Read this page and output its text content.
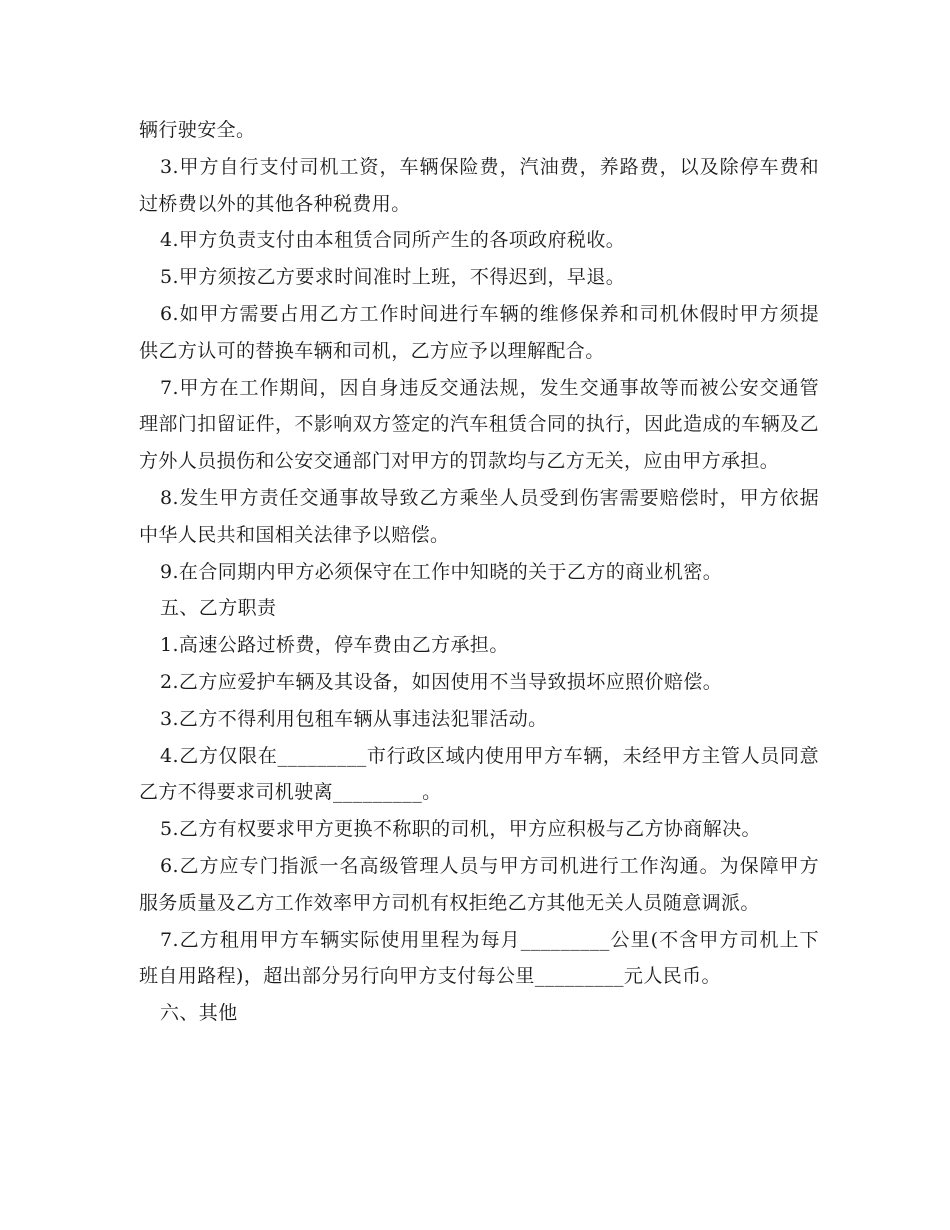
辆行驶安全。

3.甲方自行支付司机工资，车辆保险费，汽油费，养路费，以及除停车费和过桥费以外的其他各种税费用。

4.甲方负责支付由本租赁合同所产生的各项政府税收。

5.甲方须按乙方要求时间准时上班，不得迟到，早退。

6.如甲方需要占用乙方工作时间进行车辆的维修保养和司机休假时甲方须提供乙方认可的替换车辆和司机，乙方应予以理解配合。

7.甲方在工作期间，因自身违反交通法规，发生交通事故等而被公安交通管理部门扣留证件，不影响双方签定的汽车租赁合同的执行，因此造成的车辆及乙方外人员损伤和公安交通部门对甲方的罚款均与乙方无关，应由甲方承担。

8.发生甲方责任交通事故导致乙方乘坐人员受到伤害需要赔偿时，甲方依据中华人民共和国相关法律予以赔偿。

9.在合同期内甲方必须保守在工作中知晓的关于乙方的商业机密。

五、乙方职责

1.高速公路过桥费，停车费由乙方承担。

2.乙方应爱护车辆及其设备，如因使用不当导致损坏应照价赔偿。

3.乙方不得利用包租车辆从事违法犯罪活动。

4.乙方仅限在_________市行政区域内使用甲方车辆，未经甲方主管人员同意乙方不得要求司机驶离_________。

5.乙方有权要求甲方更换不称职的司机，甲方应积极与乙方协商解决。

6.乙方应专门指派一名高级管理人员与甲方司机进行工作沟通。为保障甲方服务质量及乙方工作效率甲方司机有权拒绝乙方其他无关人员随意调派。

7.乙方租用甲方车辆实际使用里程为每月_________公里(不含甲方司机上下班自用路程)，超出部分另行向甲方支付每公里_________元人民币。

六、其他
